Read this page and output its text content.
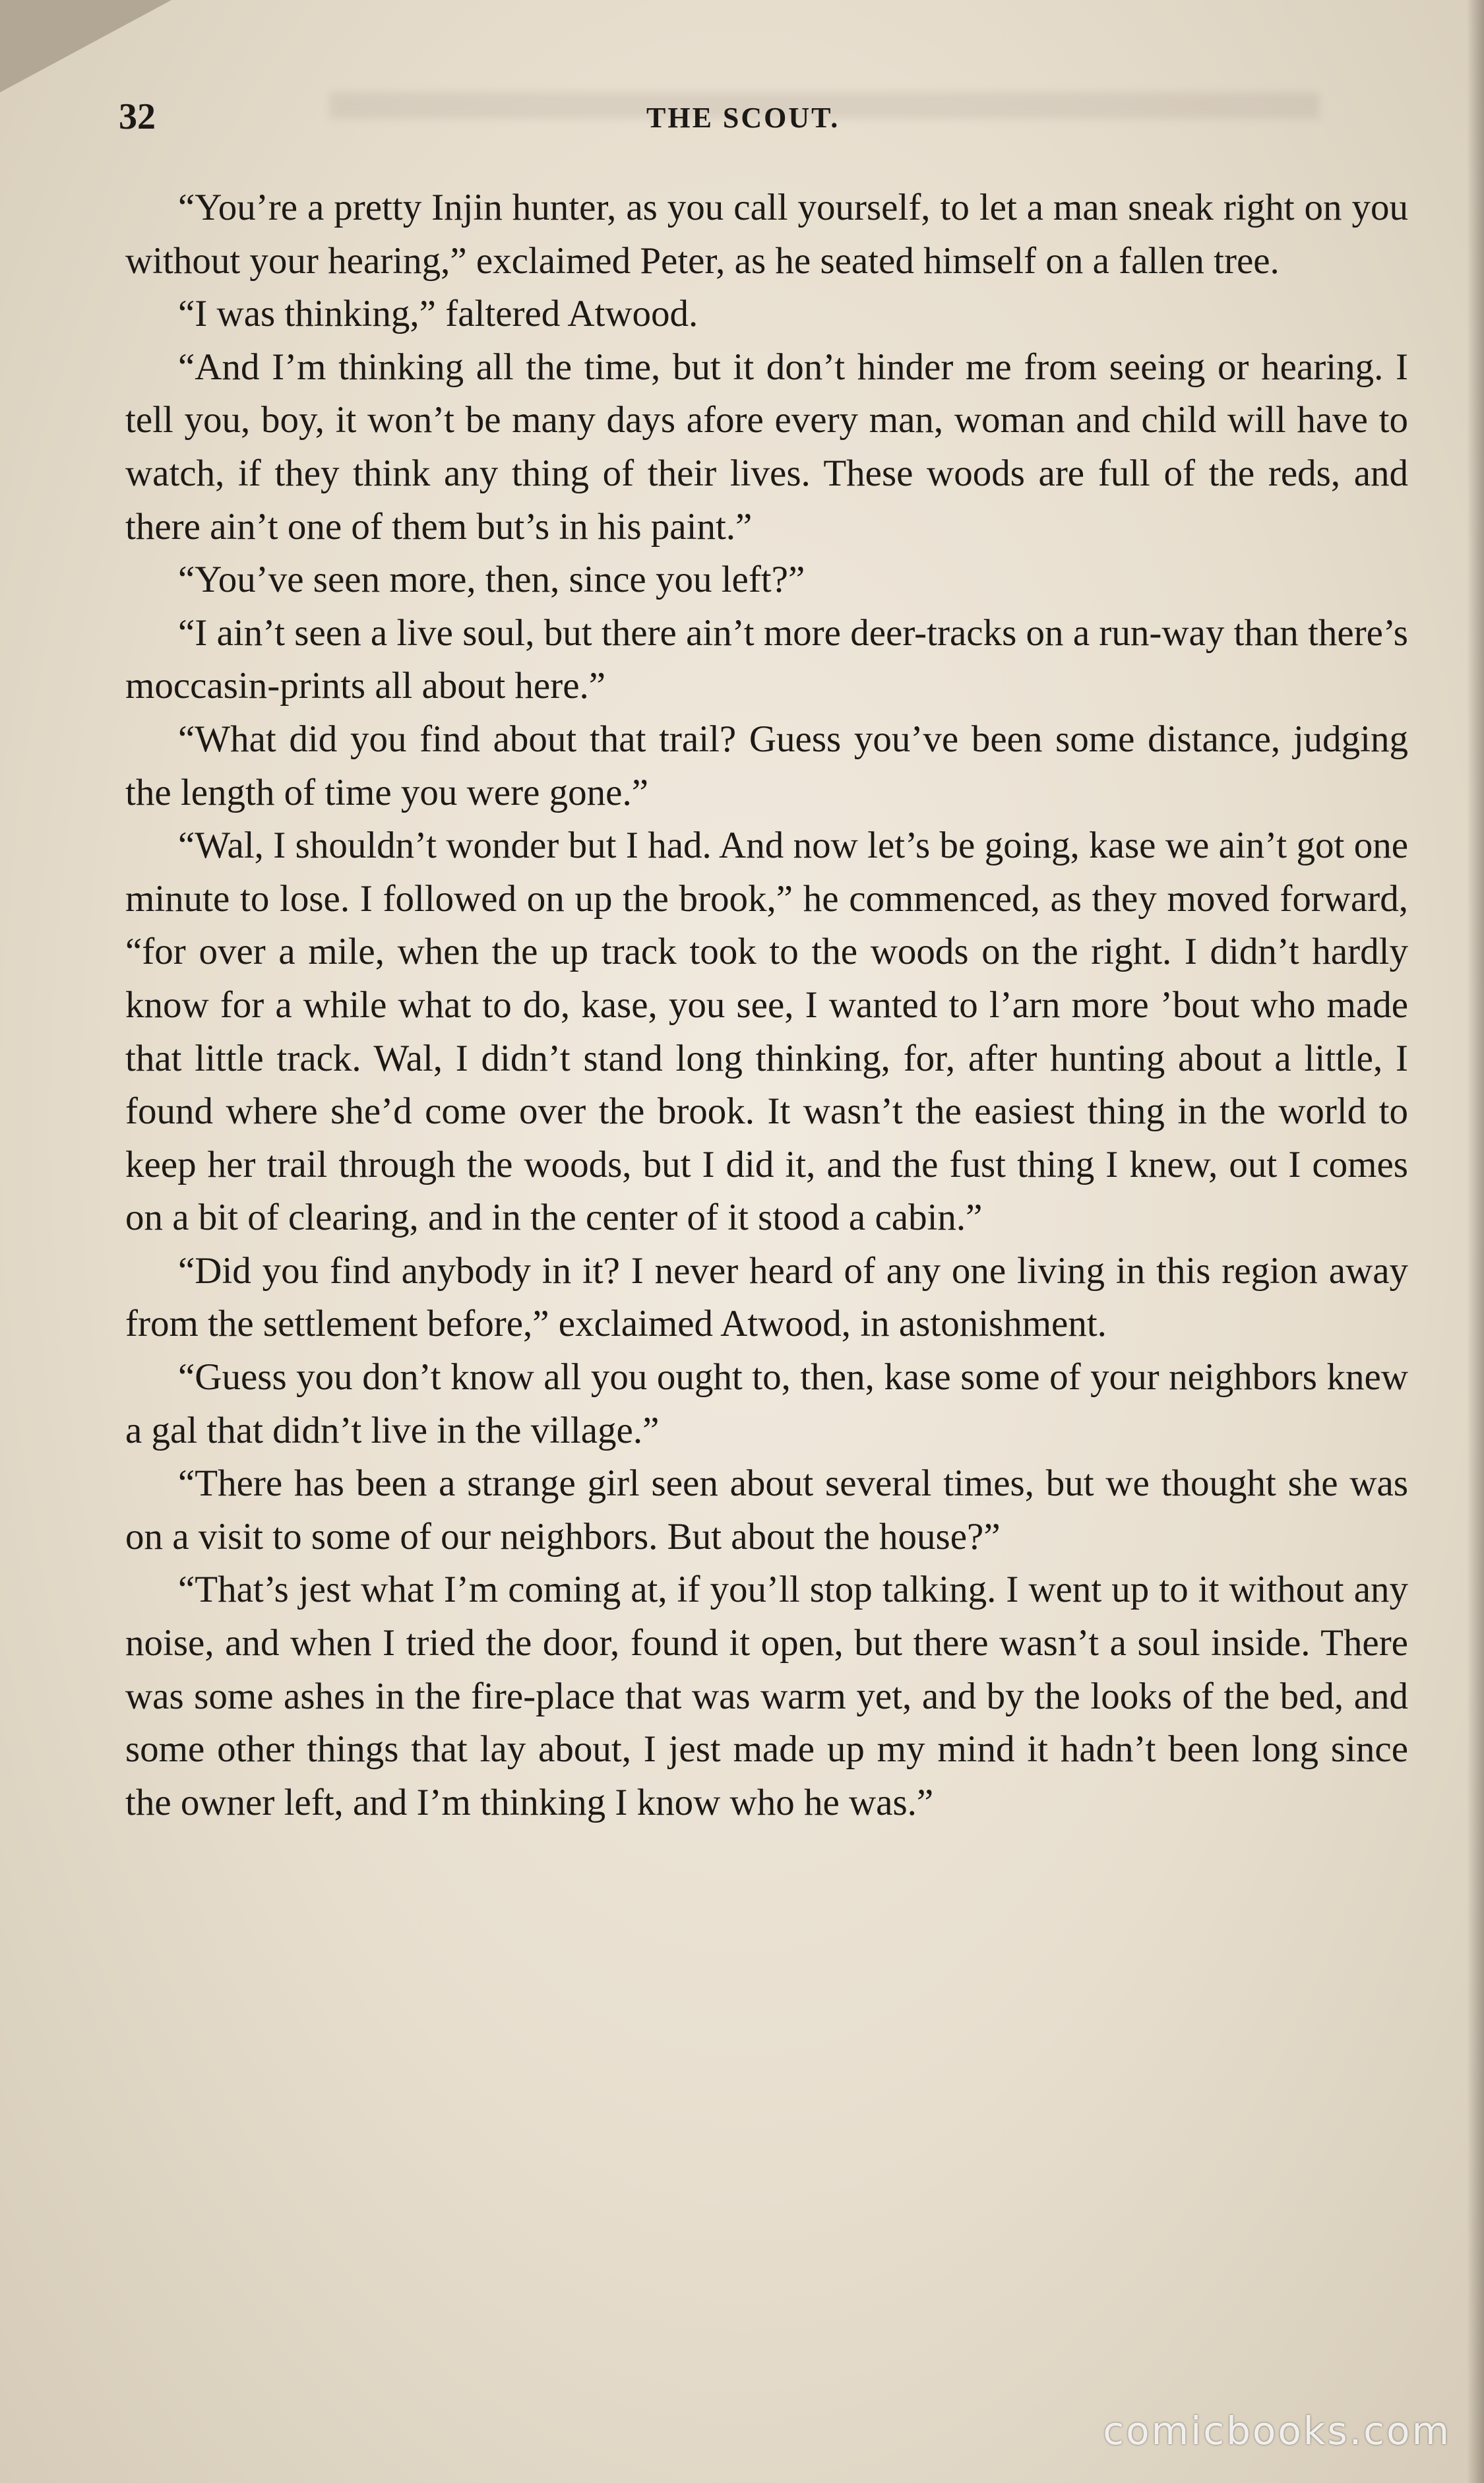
32	THE SCOUT.

“You’re a pretty Injin hunter, as you call yourself, to let a man sneak right on you without your hearing,” exclaimed Peter, as he seated himself on a fallen tree.

“I was thinking,” faltered Atwood.

“And I’m thinking all the time, but it don’t hinder me from seeing or hearing. I tell you, boy, it won’t be many days afore every man, woman and child will have to watch, if they think any thing of their lives. These woods are full of the reds, and there ain’t one of them but’s in his paint.”

“You’ve seen more, then, since you left?”

“I ain’t seen a live soul, but there ain’t more deer-tracks on a run-way than there’s moccasin-prints all about here.”

“What did you find about that trail? Guess you’ve been some distance, judging the length of time you were gone.”

“Wal, I shouldn’t wonder but I had. And now let’s be going, kase we ain’t got one minute to lose. I followed on up the brook,” he commenced, as they moved forward, “for over a mile, when the up track took to the woods on the right. I didn’t hardly know for a while what to do, kase, you see, I wanted to l’arn more ’bout who made that little track. Wal, I didn’t stand long thinking, for, after hunting about a little, I found where she’d come over the brook. It wasn’t the easiest thing in the world to keep her trail through the woods, but I did it, and the fust thing I knew, out I comes on a bit of clearing, and in the center of it stood a cabin.”

“Did you find anybody in it? I never heard of any one living in this region away from the settlement before,” exclaimed Atwood, in astonishment.

“Guess you don’t know all you ought to, then, kase some of your neighbors knew a gal that didn’t live in the village.”

“There has been a strange girl seen about several times, but we thought she was on a visit to some of our neighbors. But about the house?”

“That’s jest what I’m coming at, if you’ll stop talking. I went up to it without any noise, and when I tried the door, found it open, but there wasn’t a soul inside. There was some ashes in the fire-place that was warm yet, and by the looks of the bed, and some other things that lay about, I jest made up my mind it hadn’t been long since the owner left, and I’m thinking I know who he was.”

comicbooks.com
